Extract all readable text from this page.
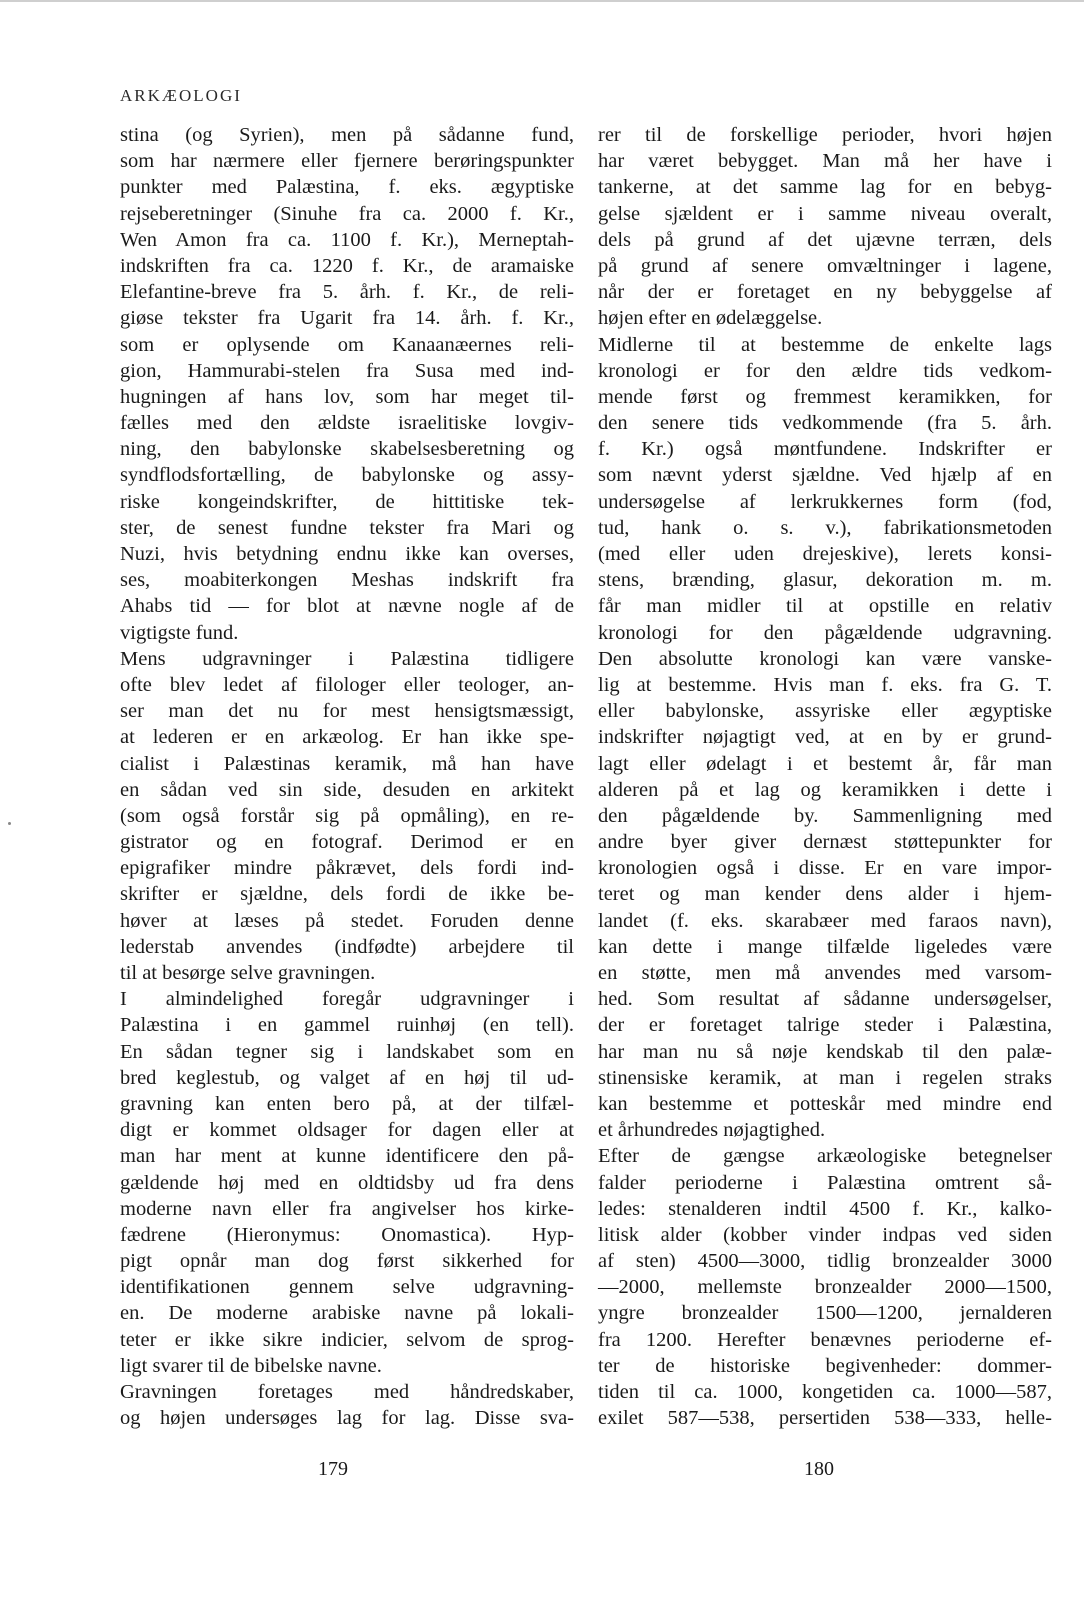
ARKÆOLOGI
stina (og Syrien), men på sådanne fund,
som har nærmere eller fjernere berøringspunkter
punkter med Palæstina, f. eks. ægyptiske
rejseberetninger (Sinuhe fra ca. 2000 f. Kr.,
Wen Amon fra ca. 1100 f. Kr.), Merneptah-
indskriften fra ca. 1220 f. Kr., de aramaiske
Elefantine-breve fra 5. årh. f. Kr., de reli-
giøse tekster fra Ugarit fra 14. årh. f. Kr.,
som er oplysende om Kanaanæernes reli-
gion, Hammurabi-stelen fra Susa med ind-
hugningen af hans lov, som har meget til-
fælles med den ældste israelitiske lovgiv-
ning, den babylonske skabelsesberetning og
syndflodsfortælling, de babylonske og assy-
riske kongeindskrifter, de hittitiske tek-
ster, de senest fundne tekster fra Mari og
Nuzi, hvis betydning endnu ikke kan overses,
ses, moabiterkongen Meshas indskrift fra
Ahabs tid — for blot at nævne nogle af de
vigtigste fund.
Mens udgravninger i Palæstina tidligere
ofte blev ledet af filologer eller teologer, an-
ser man det nu for mest hensigtsmæssigt,
at lederen er en arkæolog. Er han ikke spe-
cialist i Palæstinas keramik, må han have
en sådan ved sin side, desuden en arkitekt
(som også forstår sig på opmåling), en re-
gistrator og en fotograf. Derimod er en
epigrafiker mindre påkrævet, dels fordi ind-
skrifter er sjældne, dels fordi de ikke be-
høver at læses på stedet. Foruden denne
lederstab anvendes (indfødte) arbejdere til
til at besørge selve gravningen.
I almindelighed foregår udgravninger i
Palæstina i en gammel ruinhøj (en tell).
En sådan tegner sig i landskabet som en
bred keglestub, og valget af en høj til ud-
gravning kan enten bero på, at der tilfæl-
digt er kommet oldsager for dagen eller at
man har ment at kunne identificere den på-
gældende høj med en oldtidsby ud fra dens
moderne navn eller fra angivelser hos kirke-
fædrene (Hieronymus: Onomastica). Hyp-
pigt opnår man dog først sikkerhed for
identifikationen gennem selve udgravning-
en. De moderne arabiske navne på lokali-
teter er ikke sikre indicier, selvom de sprog-
ligt svarer til de bibelske navne.
Gravningen foretages med håndredskaber,
og højen undersøges lag for lag. Disse sva-
rer til de forskellige perioder, hvori højen
har været bebygget. Man må her have i
tankerne, at det samme lag for en bebyg-
gelse sjældent er i samme niveau overalt,
dels på grund af det ujævne terræn, dels
på grund af senere omvæltninger i lagene,
når der er foretaget en ny bebyggelse af
højen efter en ødelæggelse.
Midlerne til at bestemme de enkelte lags
kronologi er for den ældre tids vedkom-
mende først og fremmest keramikken, for
den senere tids vedkommende (fra 5. årh.
f. Kr.) også møntfundene. Indskrifter er
som nævnt yderst sjældne. Ved hjælp af en
undersøgelse af lerkrukkernes form (fod,
tud, hank o. s. v.), fabrikationsmetoden
(med eller uden drejeskive), lerets konsi-
stens, brænding, glasur, dekoration m. m.
får man midler til at opstille en relativ
kronologi for den pågældende udgravning.
Den absolutte kronologi kan være vanske-
lig at bestemme. Hvis man f. eks. fra G. T.
eller babylonske, assyriske eller ægyptiske
indskrifter nøjagtigt ved, at en by er grund-
lagt eller ødelagt i et bestemt år, får man
alderen på et lag og keramikken i dette i
den pågældende by. Sammenligning med
andre byer giver dernæst støttepunkter for
kronologien også i disse. Er en vare impor-
teret og man kender dens alder i hjem-
landet (f. eks. skarabæer med faraos navn),
kan dette i mange tilfælde ligeledes være
en støtte, men må anvendes med varsom-
hed. Som resultat af sådanne undersøgelser,
der er foretaget talrige steder i Palæstina,
har man nu så nøje kendskab til den palæ-
stinensiske keramik, at man i regelen straks
kan bestemme et potteskår med mindre end
et århundredes nøjagtighed.
Efter de gængse arkæologiske betegnelser
falder perioderne i Palæstina omtrent så-
ledes: stenalderen indtil 4500 f. Kr., kalko-
litisk alder (kobber vinder indpas ved siden
af sten) 4500—3000, tidlig bronzealder 3000
—2000, mellemste bronzealder 2000—1500,
yngre bronzealder 1500—1200, jernalderen
fra 1200. Herefter benævnes perioderne ef-
ter de historiske begivenheder: dommer-
tiden til ca. 1000, kongetiden ca. 1000—587,
exilet 587—538, persertiden 538—333, helle-
179	180
